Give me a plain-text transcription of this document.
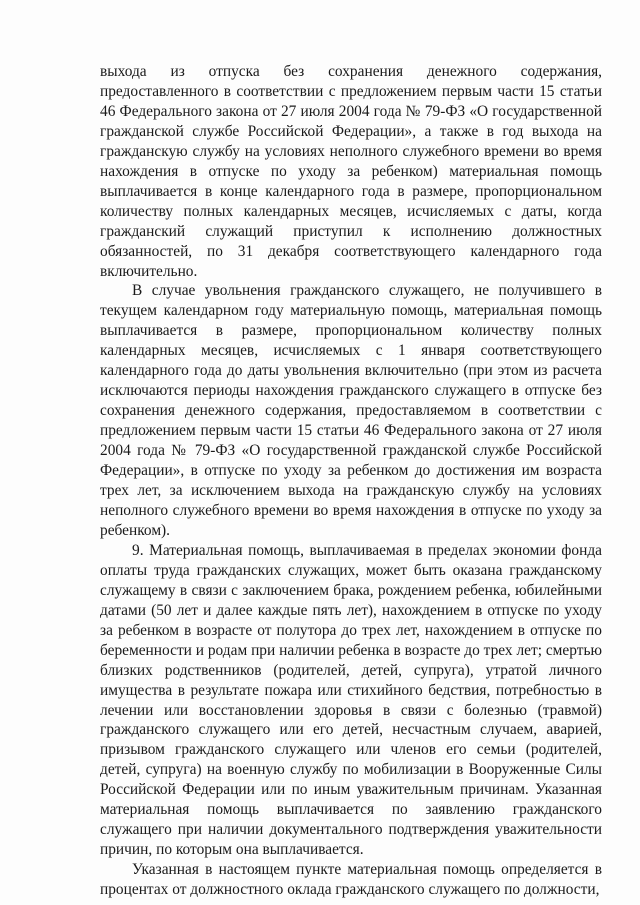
выхода из отпуска без сохранения денежного содержания, предоставленного в соответствии с предложением первым части 15 статьи 46 Федерального закона от 27 июля 2004 года № 79-ФЗ «О государственной гражданской службе Российской Федерации», а также в год выхода на гражданскую службу на условиях неполного служебного времени во время нахождения в отпуске по уходу за ребенком) материальная помощь выплачивается в конце календарного года в размере, пропорциональном количеству полных календарных месяцев, исчисляемых с даты, когда гражданский служащий приступил к исполнению должностных обязанностей, по 31 декабря соответствующего календарного года включительно.

В случае увольнения гражданского служащего, не получившего в текущем календарном году материальную помощь, материальная помощь выплачивается в размере, пропорциональном количеству полных календарных месяцев, исчисляемых с 1 января соответствующего календарного года до даты увольнения включительно (при этом из расчета исключаются периоды нахождения гражданского служащего в отпуске без сохранения денежного содержания, предоставляемом в соответствии с предложением первым части 15 статьи 46 Федерального закона от 27 июля 2004 года № 79-ФЗ «О государственной гражданской службе Российской Федерации», в отпуске по уходу за ребенком до достижения им возраста трех лет, за исключением выхода на гражданскую службу на условиях неполного служебного времени во время нахождения в отпуске по уходу за ребенком).

9. Материальная помощь, выплачиваемая в пределах экономии фонда оплаты труда гражданских служащих, может быть оказана гражданскому служащему в связи с заключением брака, рождением ребенка, юбилейными датами (50 лет и далее каждые пять лет), нахождением в отпуске по уходу за ребенком в возрасте от полутора до трех лет, нахождением в отпуске по беременности и родам при наличии ребенка в возрасте до трех лет; смертью близких родственников (родителей, детей, супруга), утратой личного имущества в результате пожара или стихийного бедствия, потребностью в лечении или восстановлении здоровья в связи с болезнью (травмой) гражданского служащего или его детей, несчастным случаем, аварией, призывом гражданского служащего или членов его семьи (родителей, детей, супруга) на военную службу по мобилизации в Вооруженные Силы Российской Федерации или по иным уважительным причинам. Указанная материальная помощь выплачивается по заявлению гражданского служащего при наличии документального подтверждения уважительности причин, по которым она выплачивается.

Указанная в настоящем пункте материальная помощь определяется в процентах от должностного оклада гражданского служащего по должности,
